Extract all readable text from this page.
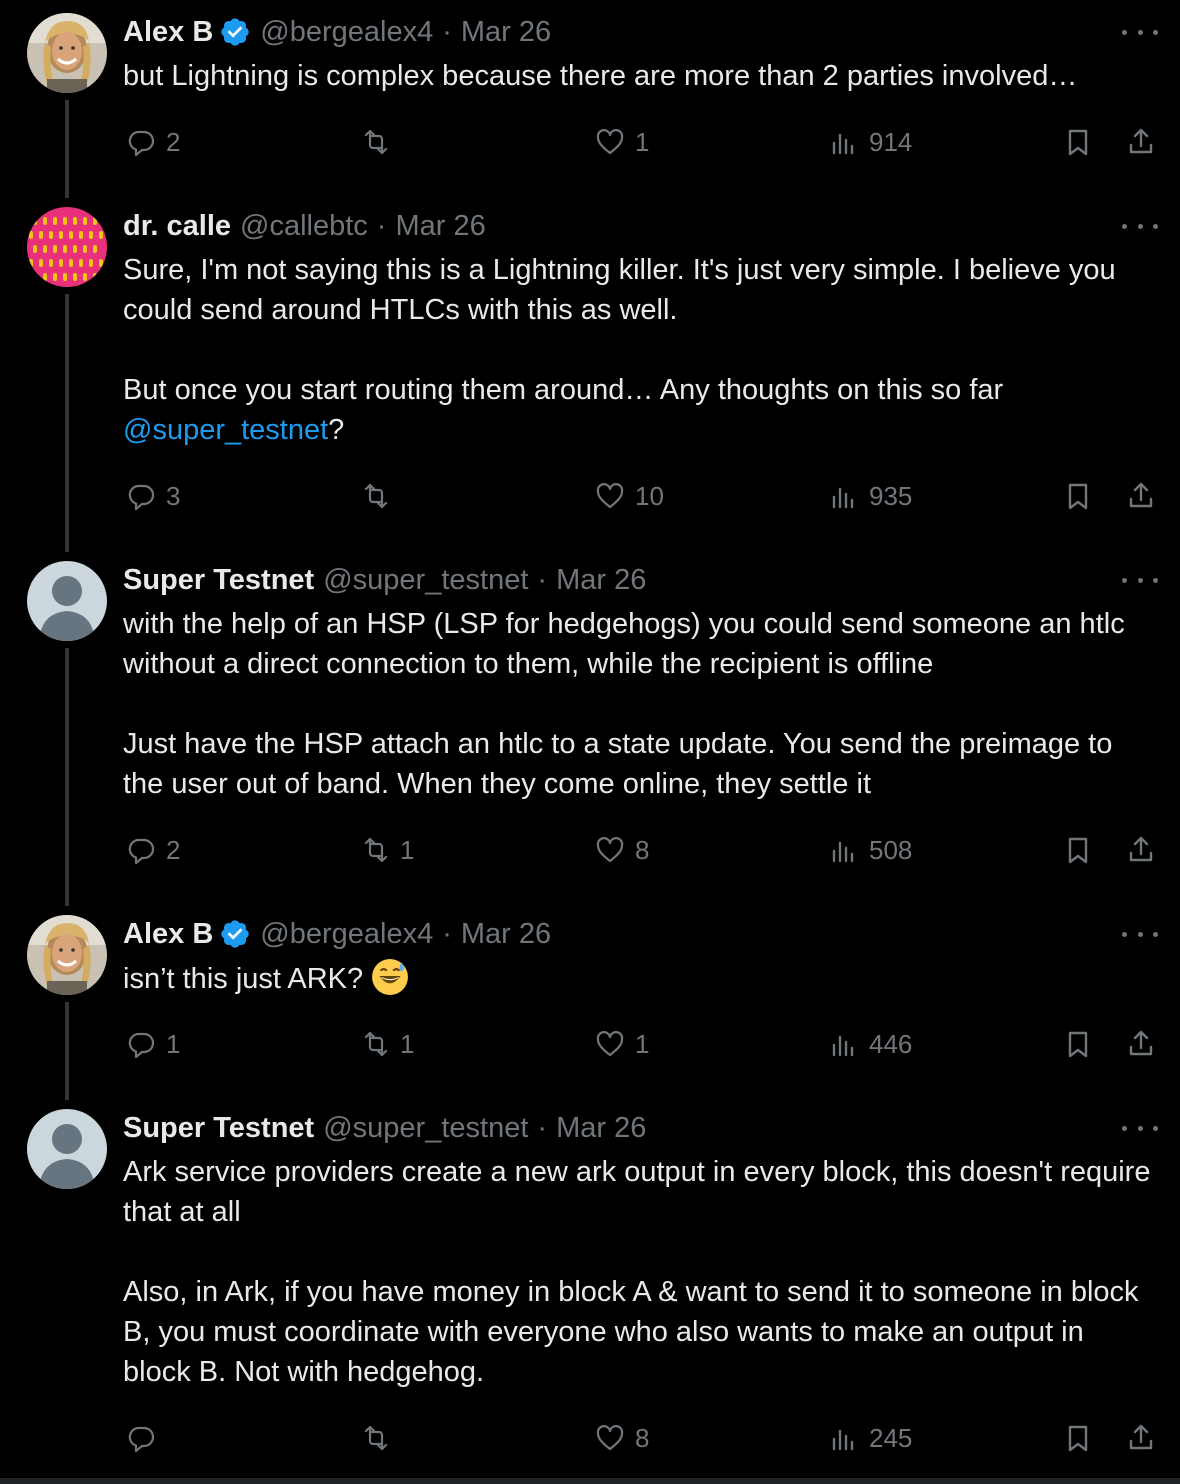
Alex B @bergealex4 · Mar 26
but Lightning is complex because there are more than 2 parties involved…
2	1	914
dr. calle @callebtc · Mar 26
Sure, I'm not saying this is a Lightning killer. It's just very simple. I believe you could send around HTLCs with this as well.

But once you start routing them around… Any thoughts on this so far @super_testnet?
3	10	935
Super Testnet @super_testnet · Mar 26
with the help of an HSP (LSP for hedgehogs) you could send someone an htlc without a direct connection to them, while the recipient is offline

Just have the HSP attach an htlc to a state update. You send the preimage to the user out of band. When they come online, they settle it
2	1	8	508
Alex B @bergealex4 · Mar 26
isn’t this just ARK?
1	1	1	446
Super Testnet @super_testnet · Mar 26
Ark service providers create a new ark output in every block, this doesn't require that at all

Also, in Ark, if you have money in block A & want to send it to someone in block B, you must coordinate with everyone who also wants to make an output in block B. Not with hedgehog.
8	245
